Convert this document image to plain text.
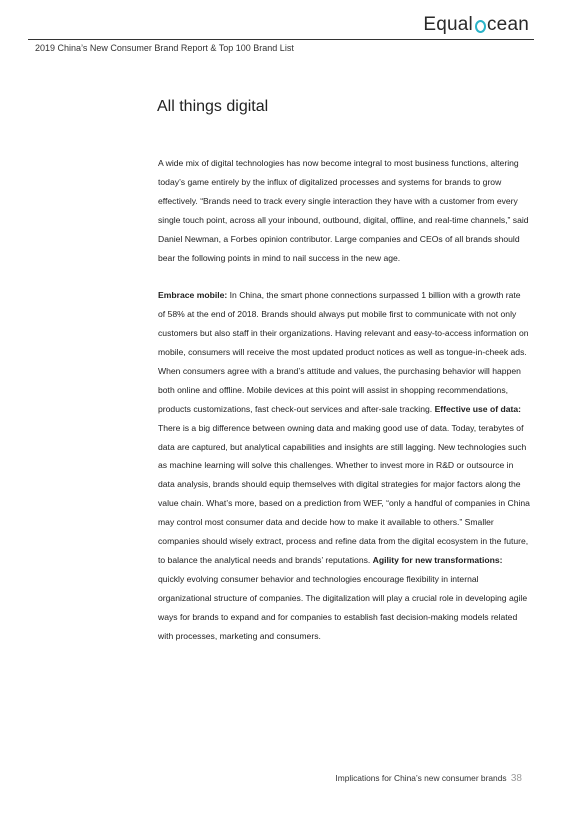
Equal cean
2019 China’s New Consumer Brand Report & Top 100 Brand List
All things digital

A wide mix of digital technologies has now become integral to most business functions, altering today’s game entirely by the influx of digitalized processes and systems for brands to grow effectively. “Brands need to track every single interaction they have with a customer from every single touch point, across all your inbound, outbound, digital, offline, and real-time channels,” said Daniel Newman, a Forbes opinion contributor. Large companies and CEOs of all brands should bear the following points in mind to nail success in the new age.

Embrace mobile: In China, the smart phone connections surpassed 1 billion with a growth rate of 58% at the end of 2018. Brands should always put mobile first to communicate with not only customers but also staff in their organizations. Having relevant and easy-to-access information on mobile, consumers will receive the most updated product notices as well as tongue-in-cheek ads. When consumers agree with a brand’s attitude and values, the purchasing behavior will happen both online and offline. Mobile devices at this point will assist in shopping recommendations, products customizations, fast check-out services and after-sale tracking. Effective use of data: There is a big difference between owning data and making good use of data. Today, terabytes of data are captured, but analytical capabilities and insights are still lagging. New technologies such as machine learning will solve this challenges. Whether to invest more in R&D or outsource in data analysis, brands should equip themselves with digital strategies for major factors along the value chain. What’s more, based on a prediction from WEF, “only a handful of companies in China may control most consumer data and decide how to make it available to others.” Smaller companies should wisely extract, process and refine data from the digital ecosystem in the future, to balance the analytical needs and brands’ reputations. Agility for new transformations: quickly evolving consumer behavior and technologies encourage flexibility in internal organizational structure of companies. The digitalization will play a crucial role in developing agile ways for brands to expand and for companies to establish fast decision-making models related with processes, marketing and consumers.

Implications for China’s new consumer brands 38
